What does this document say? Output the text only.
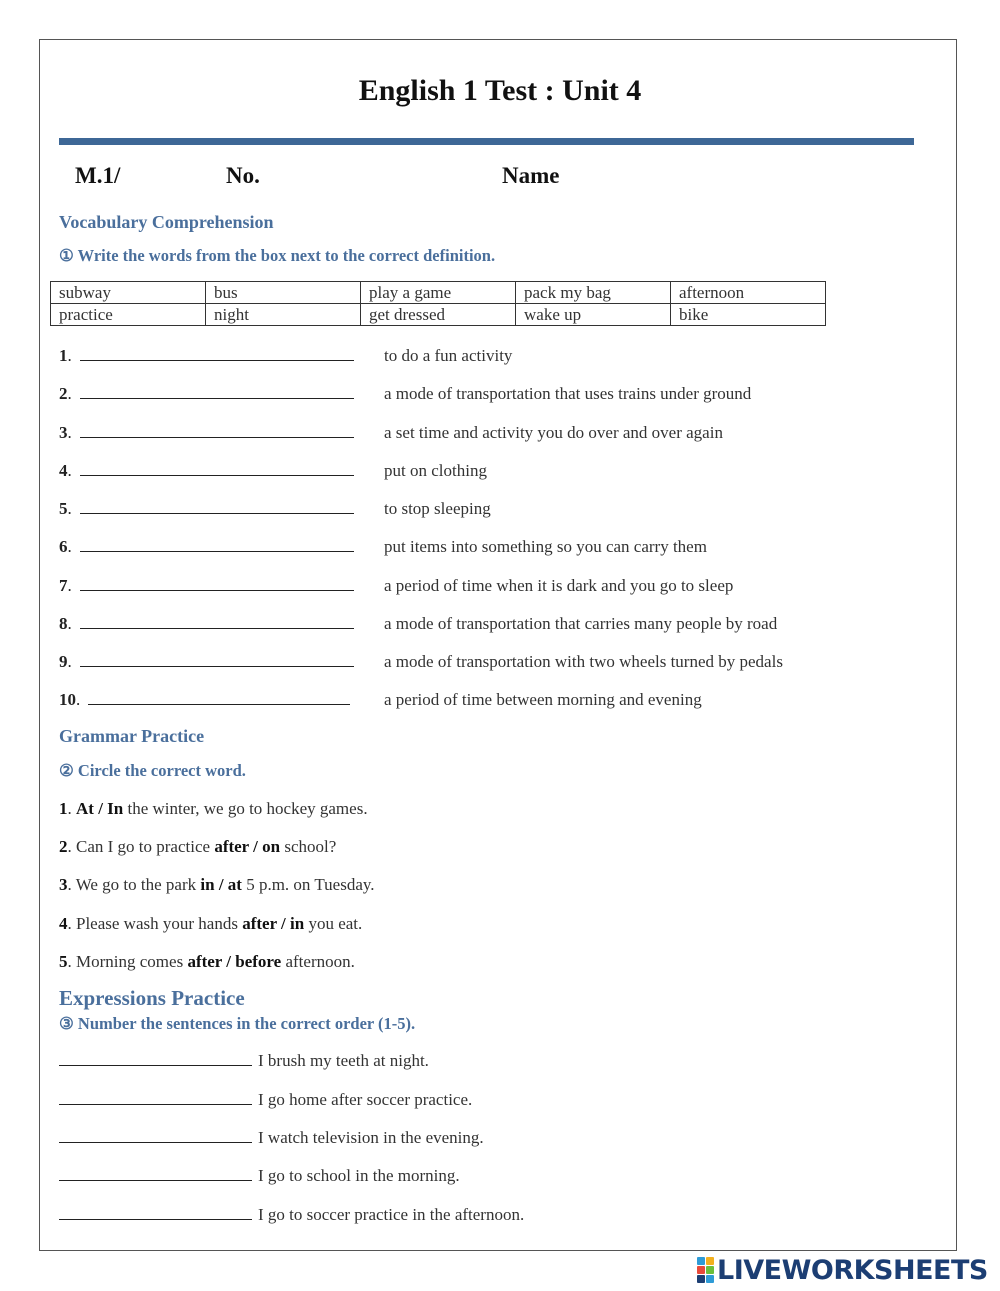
English 1 Test : Unit 4
M.1/	No.	Name
Vocabulary Comprehension
① Write the words from the box next to the correct definition.
subway	bus	play a game	pack my bag	afternoon
practice	night	get dressed	wake up	bike
1.	to do a fun activity
2.	a mode of transportation that uses trains under ground
3.	a set time and activity you do over and over again
4.	put on clothing
5.	to stop sleeping
6.	put items into something so you can carry them
7.	a period of time when it is dark and you go to sleep
8.	a mode of transportation that carries many people by road
9.	a mode of transportation with two wheels turned by pedals
10.	a period of time between morning and evening
Grammar Practice
② Circle the correct word.
1. At / In the winter, we go to hockey games.
2. Can I go to practice after / on school?
3. We go to the park in / at 5 p.m. on Tuesday.
4. Please wash your hands after / in you eat.
5. Morning comes after / before afternoon.
Expressions Practice
③ Number the sentences in the correct order (1-5).
I brush my teeth at night.
I go home after soccer practice.
I watch television in the evening.
I go to school in the morning.
I go to soccer practice in the afternoon.
LIVEWORKSHEETS
